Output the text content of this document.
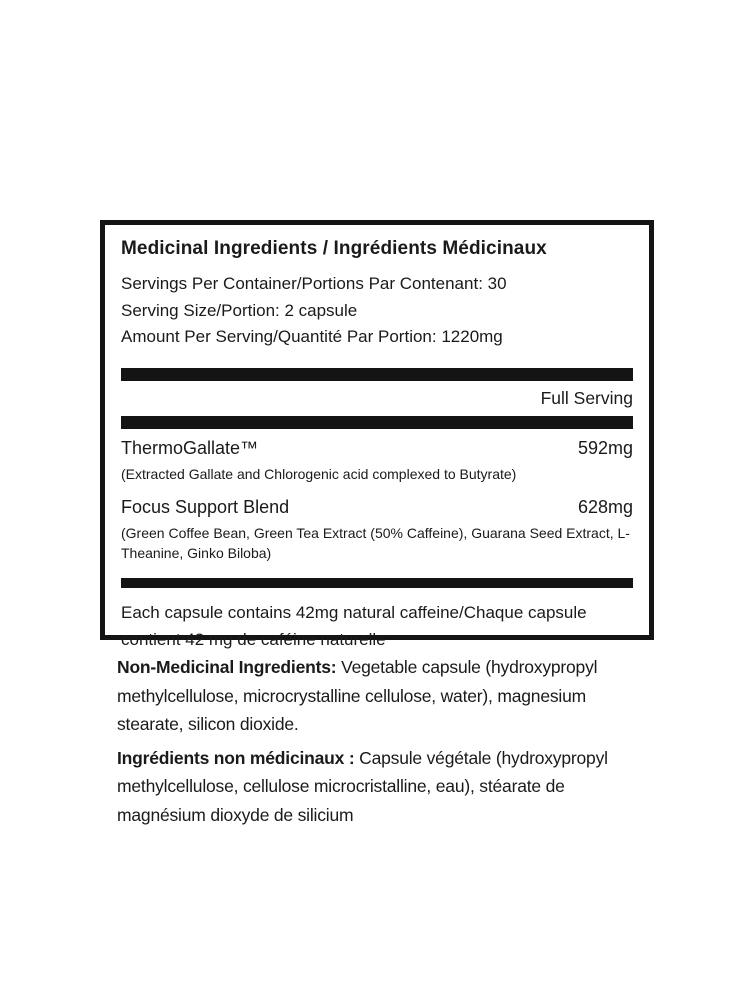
Medicinal Ingredients / Ingrédients Médicinaux
Servings Per Container/Portions Par Contenant: 30
Serving Size/Portion: 2 capsule
Amount Per Serving/Quantité Par Portion: 1220mg
Full Serving
ThermoGallate™	592mg
(Extracted Gallate and Chlorogenic acid complexed to Butyrate)
Focus Support Blend	628mg
(Green Coffee Bean, Green Tea Extract (50% Caffeine), Guarana Seed Extract, L-Theanine, Ginko Biloba)
Each capsule contains 42mg natural caffeine/Chaque capsule contient 42 mg de caféine naturelle

Non-Medicinal Ingredients: Vegetable capsule (hydroxypropyl methylcellulose, microcrystalline cellulose, water), magnesium stearate, silicon dioxide.

Ingrédients non médicinaux : Capsule végétale (hydroxypropyl methylcellulose, cellulose microcristalline, eau), stéarate de magnésium dioxyde de silicium
